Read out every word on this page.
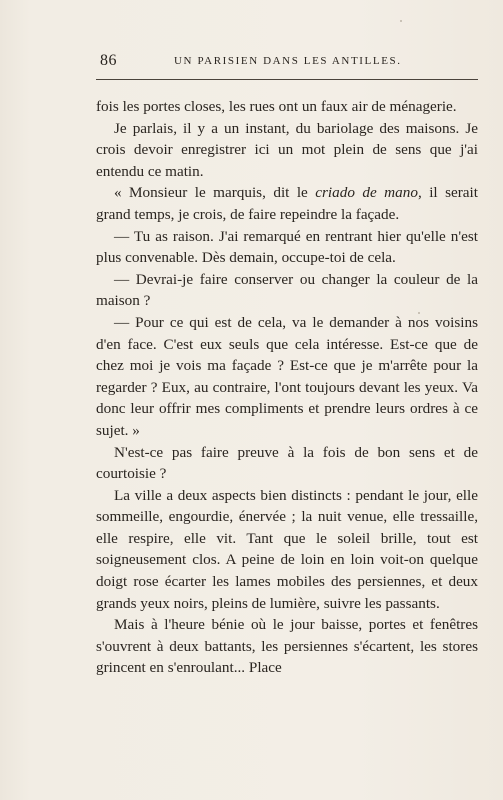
86	UN PARISIEN DANS LES ANTILLES.

fois les portes closes, les rues ont un faux air de ménagerie.

Je parlais, il y a un instant, du bariolage des maisons. Je crois devoir enregistrer ici un mot plein de sens que j'ai entendu ce matin.

« Monsieur le marquis, dit le criado de mano, il serait grand temps, je crois, de faire repeindre la façade.

— Tu as raison. J'ai remarqué en rentrant hier qu'elle n'est plus convenable. Dès demain, occupe-toi de cela.

— Devrai-je faire conserver ou changer la couleur de la maison ?

— Pour ce qui est de cela, va le demander à nos voisins d'en face. C'est eux seuls que cela intéresse. Est-ce que de chez moi je vois ma façade ? Est-ce que je m'arrête pour la regarder ? Eux, au contraire, l'ont toujours devant les yeux. Va donc leur offrir mes compliments et prendre leurs ordres à ce sujet. »

N'est-ce pas faire preuve à la fois de bon sens et de courtoisie ?

La ville a deux aspects bien distincts : pendant le jour, elle sommeille, engourdie, énervée ; la nuit venue, elle tressaille, elle respire, elle vit. Tant que le soleil brille, tout est soigneusement clos. A peine de loin en loin voit-on quelque doigt rose écarter les lames mobiles des persiennes, et deux grands yeux noirs, pleins de lumière, suivre les passants.

Mais à l'heure bénie où le jour baisse, portes et fenêtres s'ouvrent à deux battants, les persiennes s'écartent, les stores grincent en s'enroulant... Place
